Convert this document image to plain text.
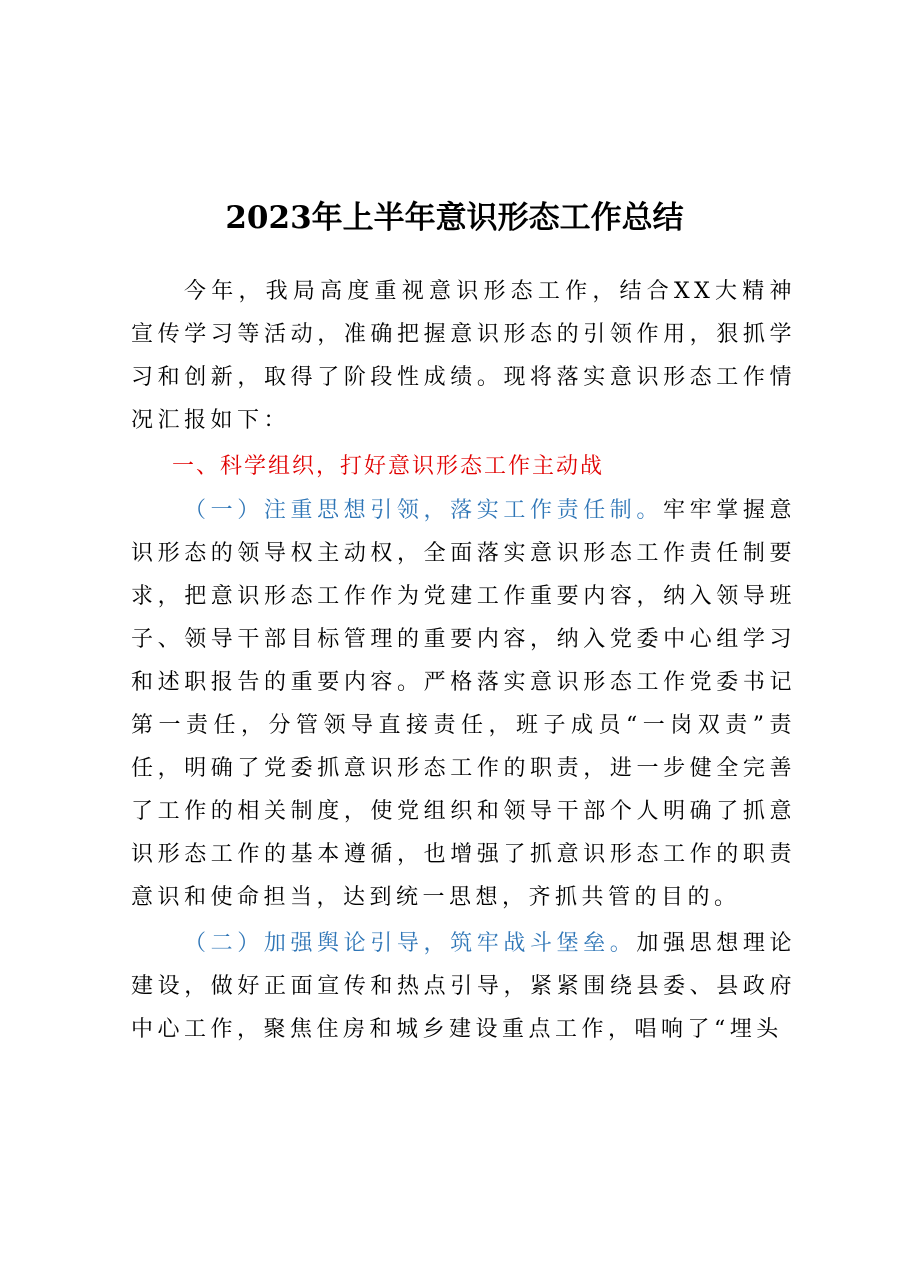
2023年上半年意识形态工作总结

今年，我局高度重视意识形态工作，结合XX大精神宣传学习等活动，准确把握意识形态的引领作用，狠抓学习和创新，取得了阶段性成绩。现将落实意识形态工作情况汇报如下：

一、科学组织，打好意识形态工作主动战

（一）注重思想引领，落实工作责任制。牢牢掌握意识形态的领导权主动权，全面落实意识形态工作责任制要求，把意识形态工作作为党建工作重要内容，纳入领导班子、领导干部目标管理的重要内容，纳入党委中心组学习和述职报告的重要内容。严格落实意识形态工作党委书记第一责任，分管领导直接责任，班子成员“一岗双责”责任，明确了党委抓意识形态工作的职责，进一步健全完善了工作的相关制度，使党组织和领导干部个人明确了抓意识形态工作的基本遵循，也增强了抓意识形态工作的职责意识和使命担当，达到统一思想，齐抓共管的目的。

（二）加强舆论引导，筑牢战斗堡垒。加强思想理论建设，做好正面宣传和热点引导，紧紧围绕县委、县政府中心工作，聚焦住房和城乡建设重点工作，唱响了“埋头
